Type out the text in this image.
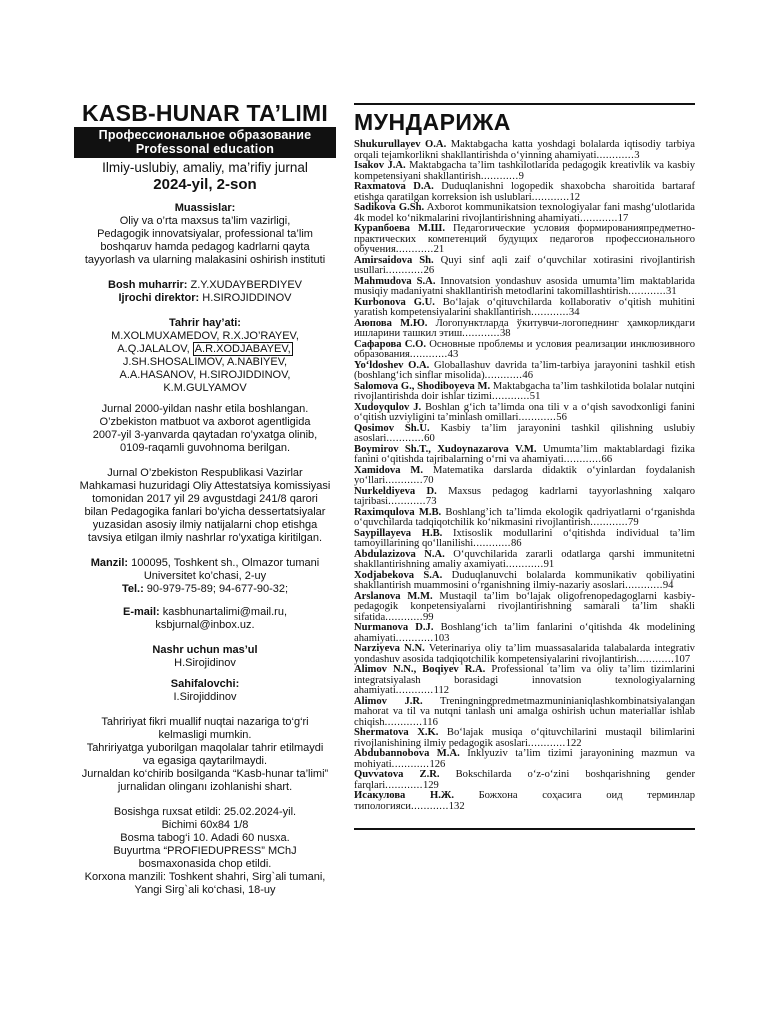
KASB-HUNAR TA’LIMI
Профессиональное образование
Professonal education
Ilmiy-uslubiy, amaliy, ma’rifiy jurnal
2024-yil, 2-son
Muassislar:
Oliy va o’rta maxsus ta’lim vazirligi,
Pedagogik innovatsiyalar, professional ta’lim
boshqaruv hamda pedagog kadrlarni qayta
tayyorlash va ularning malakasini oshirish instituti
Bosh muharrir: Z.Y.XUDAYBERDIYEV
Ijrochi direktor: H.SIROJIDDINOV
Tahrir hay’ati:
M.XOLMUXAMEDOV, R.X.JO’RAYEV,
A.Q.JALALOV, A.R.XODJABAYEV,
J.SH.SHOSALIMOV, A.NABIYEV,
A.A.HASANOV, H.SIROJIDDINOV,
K.M.GULYAMOV
Jurnal 2000-yildan nashr etila boshlangan.
O’zbekiston matbuot va axborot agentligida
2007-yil 3-yanvarda qaytadan ro’yxatga olinib,
0109-raqamli guvohnoma berilgan.
Jurnal O’zbekiston Respublikasi Vazirlar
Mahkamasi huzuridagi Oliy Attestatsiya komissiyasi
tomonidan 2017 yil 29 avgustdagi 241/8 qarori
bilan Pedagogika fanlari bo’yicha dessertatsiyalar
yuzasidan asosiy ilmiy natijalarni chop etishga
tavsiya etilgan ilmiy nashrlar ro’yxatiga kiritilgan.
Manzil: 100095, Toshkent sh., Olmazor tumani
Universitet ko’chasi, 2-uy
Tel.: 90-979-75-89; 94-677-90-32;
E-mail: kasbhunartalimi@mail.ru,
ksbjurnal@inbox.uz.
Nashr uchun mas’ul
H.Sirojidinov
Sahifalovchi:
I.Sirojiddinov
Tahririyat fikri muallif nuqtai nazariga to‘g‘ri
kelmasligi mumkin.
Tahririyatga yuborilgan maqolalar tahrir etilmaydi
va egasiga qaytarilmaydi.
Jurnaldan ko‘chirib bosilganda “Kasb-hunar ta’limi”
jurnalidan olinganı izohlanishi shart.
Bosishga ruxsat etildi: 25.02.2024-yil.
Bichimi 60x84 1/8
Bosma tabog‘i 10. Adadi 60 nusxa.
Buyurtma “PROFIEDUPRESS” MChJ
bosmaxonasida chop etildi.
Korxona manzili: Toshkent shahri, Sirg`ali tumani,
Yangi Sirg`ali ko‘chasi, 18-uy
МУНДАРИЖА

Shukurullayev O.A. Maktabgacha katta yoshdagi bolalarda iqtisodiy tarbiya orqali tejamkorlikni shakllantirishda o‘yinning ahamiyati............3

Isakov J.A. Maktabgacha ta’lim tashkilotlarida pedagogik kreativlik va kasbiy kompetensiyani shakllantirish............9

Raxmatova D.A. Duduqlanishni logopedik shaxobcha sharoitida bartaraf etishga qaratilgan korreksion ish uslublari............12

Sadikova G.Sh. Axborot kommunikatsion texnologiyalar fani mashg‘ulotlarida 4k model ko‘nikmalarini rivojlantirishning ahamiyati............17

Кураnбоева М.Ш. Педагогические условия формированияпредметно-практических компетенций будущих педагогов профессионального обучения............21

Amirsaidova Sh. Quyi sinf aqli zaif o‘quvchilar xotirasini rivojlantirish usullari............26

Mahmudova S.A. Innovatsion yondashuv asosida umumta’lim maktablarida musiqiy madaniyatni shakllantirish metodlarini takomillashtirish............31

Kurbonova G.U. Bo‘lajak o‘qituvchilarda kollaborativ o‘qitish muhitini yaratish kompetensiyalarini shakllantirish............34

Аюпова М.Ю. Логопунктларда ўкитувчи-логопеднинг ҳамкорликдаги ишларини ташкил этиш............38

Сафарова С.О. Основные проблемы и условия реализации инклюзивного образования............43

Yo‘ldoshev O.A. Globallashuv davrida ta’lim-tarbiya jarayonini tashkil etish (boshlang‘ich sinflar misolida)............46

Salomova G., Shodiboyeva M. Maktabgacha ta’lim tashkilotida bolalar nutqini rivojlantirishda doir ishlar tizimi............51

Xudoyqulov J. Boshlan g‘ich ta’limda ona tili v a o‘qish savodxonligi fanini o‘qitish uzviyligini ta’minlash omillari............56

Qosimov Sh.U. Kasbiy ta’lim jarayonini tashkil qilishning uslubiy asoslari............60

Boymirov Sh.T., Xudoynazarova V.M. Umumta’lim maktablardagi fizika fanini o‘qitishda tajribalarning o‘rni va ahamiyati............66

Xamidova M. Matematika darslarda didaktik o‘yinlardan foydalanish yo‘llari............70

Nurkeldiyeva D. Maxsus pedagog kadrlarni tayyorlashning xalqaro tajribasi............73

Raximqulova M.B. Boshlang’ich ta’limda ekologik qadriyatlarni o‘rganishda o‘quvchilarda tadqiqotchilik ko‘nikmasini rivojlantirish............79

Saypillayeva H.B. Ixtisoslik modullarini o‘qitishda individual ta’lim tamoyillarining qo‘llanilishi............86

Abdulazizova N.A. O‘quvchilarida zararli odatlarga qarshi immunitetni shakllantirishning amaliy axamiyati............91

Xodjabekova S.A. Duduqlanuvchi bolalarda kommunikativ qobiliyatini shakllantirish muammosini o‘rganishning ilmiy-nazariy asoslari............94

Arslanova M.M. Mustaqil ta’lim bo‘lajak oligofrenopedagoglarni kasbiy-pedagogik konpetensiyalarni rivojlantirishning samarali ta’lim shakli sifatida............99

Nurmanova D.J. Boshlang‘ich ta’lim fanlarini o‘qitishda 4k modelining ahamiyati............103

Narziyeva N.N. Veterinariya oliy ta’lim muassasalarida talabalarda integrativ yondashuv asosida tadqiqotchilik kompetensiyalarini rivojlantirish............107

Alimov N.N., Boqiyev R.A. Professional ta’lim va oliy ta’lim tizimlarini integratsiyalash borasidagi innovatsion texnologiyalarning ahamiyati............112

Alimov J.R. Treningningpredmetmazmuninianiqlashkombinatsiyalangan mahorat va til va nutqni tanlash uni amalga oshirish uchun materiallar ishlab chiqish............116

Shermatova X.K. Bo‘lajak musiqa o‘qituvchilarini mustaqil bilimlarini rivojlanishining ilmiy pedagogik asoslari............122

Abdubannobova M.A. Inklyuziv ta’lim tizimi jarayonining mazmun va mohiyati............126

Quvvatova Z.R. Bokschilarda o‘z-o‘zini boshqarishning gender farqlari............129

Исакулова Н.Ж. Божхона соҳасига оид терминлар типологияси............132
